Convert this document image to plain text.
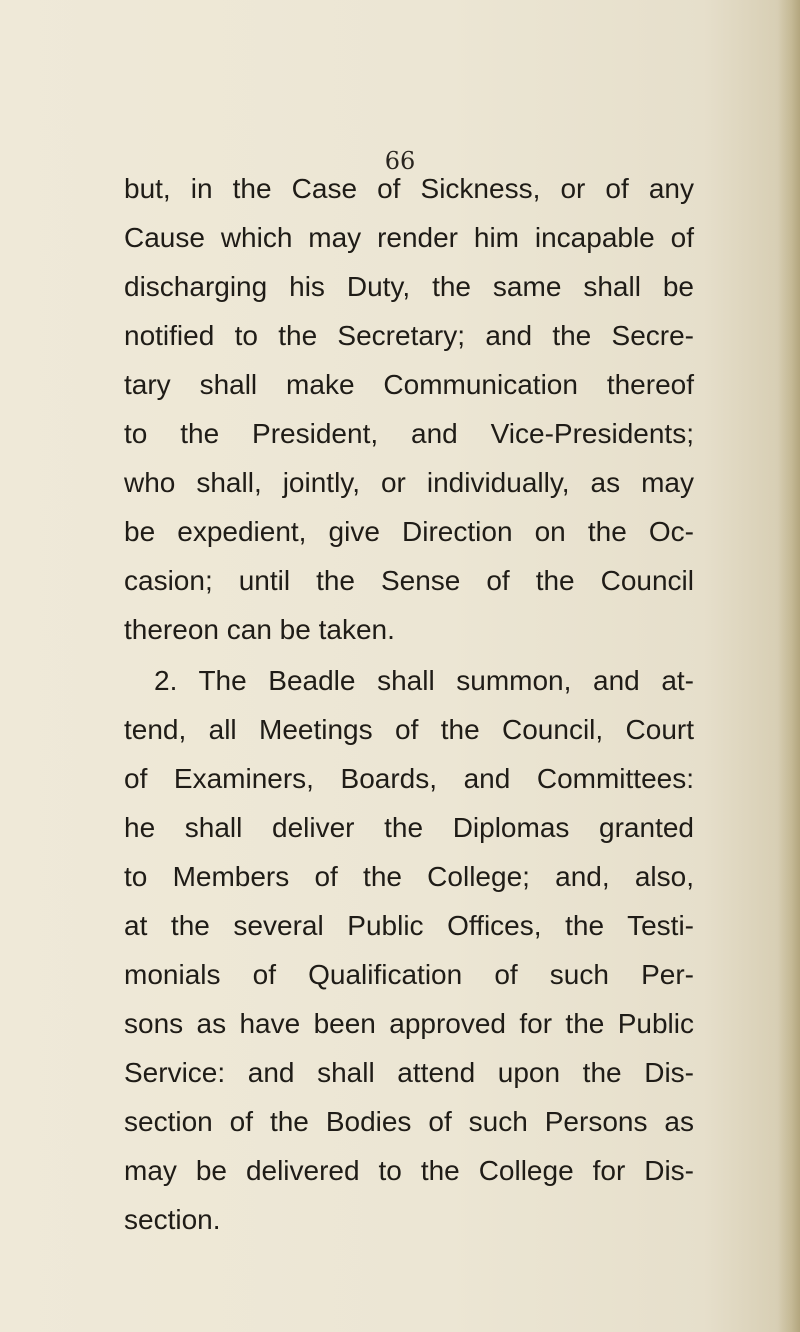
66
but, in the Case of Sickness, or of any
Cause which may render him incapable of
discharging his Duty, the same shall be
notified to the Secretary; and the Secre-
tary shall make Communication thereof
to the President, and Vice-Presidents;
who shall, jointly, or individually, as may
be expedient, give Direction on the Oc-
casion; until the Sense of the Council
thereon can be taken.
2. The Beadle shall summon, and at-
tend, all Meetings of the Council, Court
of Examiners, Boards, and Committees:
he shall deliver the Diplomas granted
to Members of the College; and, also,
at the several Public Offices, the Testi-
monials of Qualification of such Per-
sons as have been approved for the Public
Service: and shall attend upon the Dis-
section of the Bodies of such Persons as
may be delivered to the College for Dis-
section.
